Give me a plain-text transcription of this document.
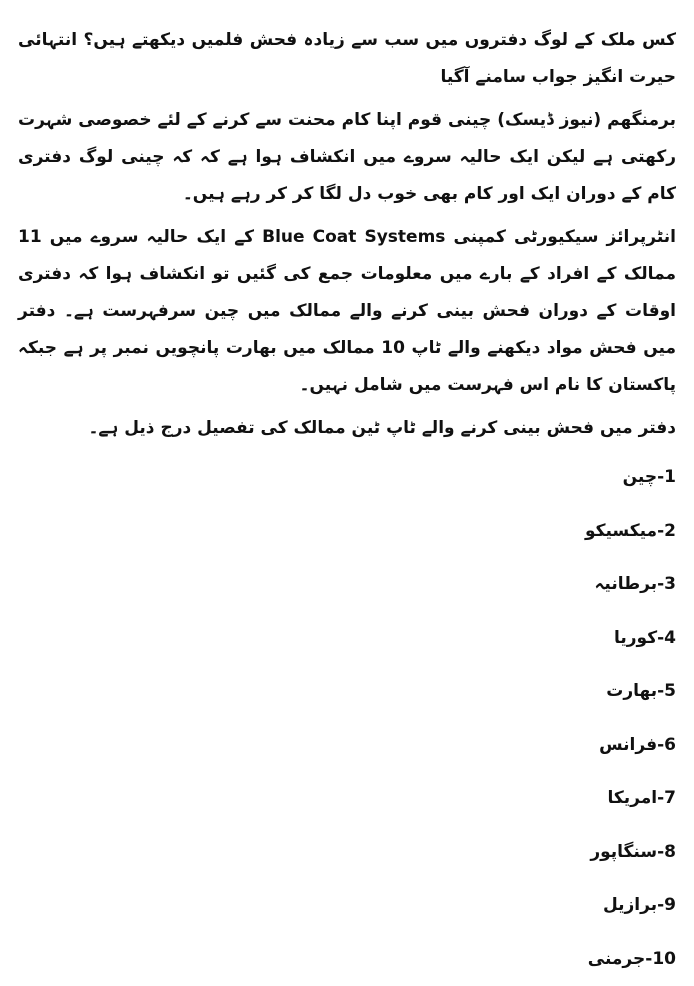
کس ملک کے لوگ دفتروں میں سب سے زیادہ فحش فلمیں دیکھتے ہیں؟ انتہائی حیرت انگیز جواب سامنے آگیا

برمنگھم (نیوز ڈیسک) چینی قوم اپنا کام محنت سے کرنے کے لئے خصوصی شہرت رکھتی ہے لیکن ایک حالیہ سروے میں انکشاف ہوا ہے کہ کہ چینی لوگ دفتری کام کے دوران ایک اور کام بھی خوب دل لگا کر کر رہے ہیں۔

انٹرپرائز سیکیورٹی کمپنی Blue Coat Systems کے ایک حالیہ سروے میں 11 ممالک کے افراد کے بارے میں معلومات جمع کی گئیں تو انکشاف ہوا کہ دفتری اوقات کے دوران فحش بینی کرنے والے ممالک میں چین سرفہرست ہے۔ دفتر میں فحش مواد دیکھنے والے ٹاپ 10 ممالک میں بھارت پانچویں نمبر پر ہے جبکہ پاکستان کا نام اس فہرست میں شامل نہیں۔

دفتر میں فحش بینی کرنے والے ٹاپ ٹین ممالک کی تفصیل درج ذیل ہے۔

1-چین
2-میکسیکو
3-برطانیہ
4-کوریا
5-بھارت
6-فرانس
7-امریکا
8-سنگاپور
9-برازیل
10-جرمنی
